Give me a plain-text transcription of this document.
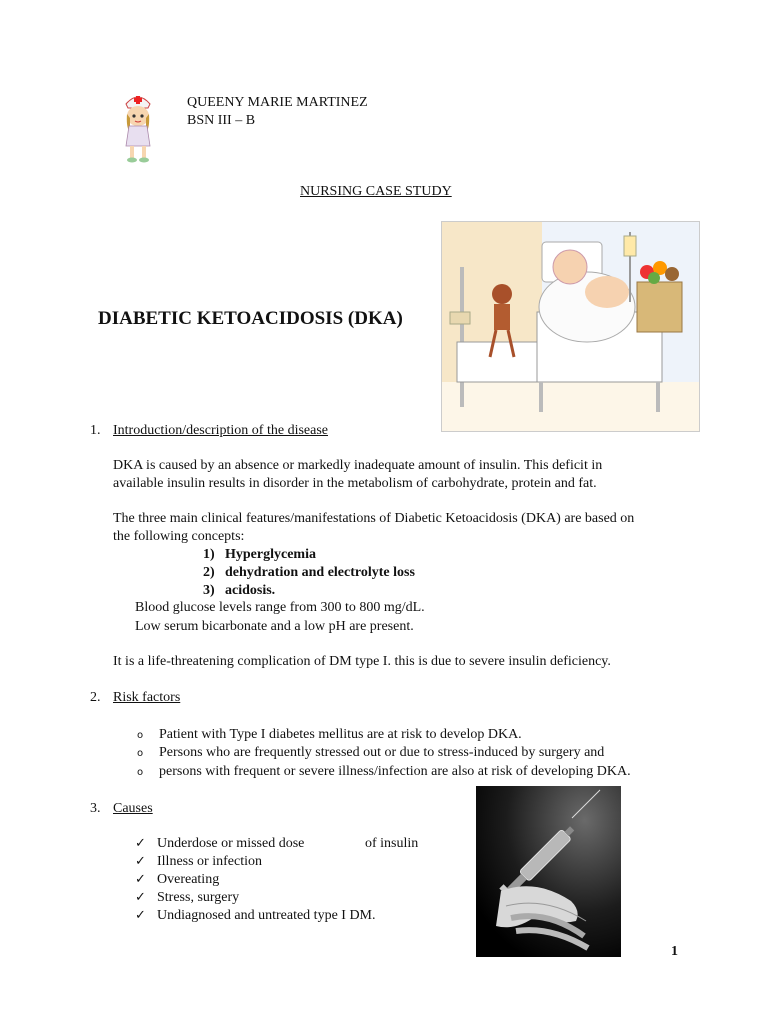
QUEENY MARIE MARTINEZ
BSN III – B
NURSING CASE STUDY
DIABETIC KETOACIDOSIS (DKA)
1. Introduction/description of the disease
DKA is caused by an absence or markedly inadequate amount of insulin. This deficit in
available insulin results in disorder in the metabolism of carbohydrate, protein and fat.
The three main clinical features/manifestations of Diabetic Ketoacidosis (DKA) are based on
the following concepts:
1) Hyperglycemia
2) dehydration and electrolyte loss
3) acidosis.
Blood glucose levels range from 300 to 800 mg/dL.
Low serum bicarbonate and a low pH are present.
It is a life-threatening complication of DM type I. this is due to severe insulin deficiency.
2. Risk factors
o Patient with Type I diabetes mellitus are at risk to develop DKA.
o Persons who are frequently stressed out or due to stress-induced by surgery and
o persons with frequent or severe illness/infection are also at risk of developing DKA.
3. Causes
✓ Underdose or missed dose	of insulin
✓ Illness or infection
✓ Overeating
✓ Stress, surgery
✓ Undiagnosed and untreated type I DM.
1
